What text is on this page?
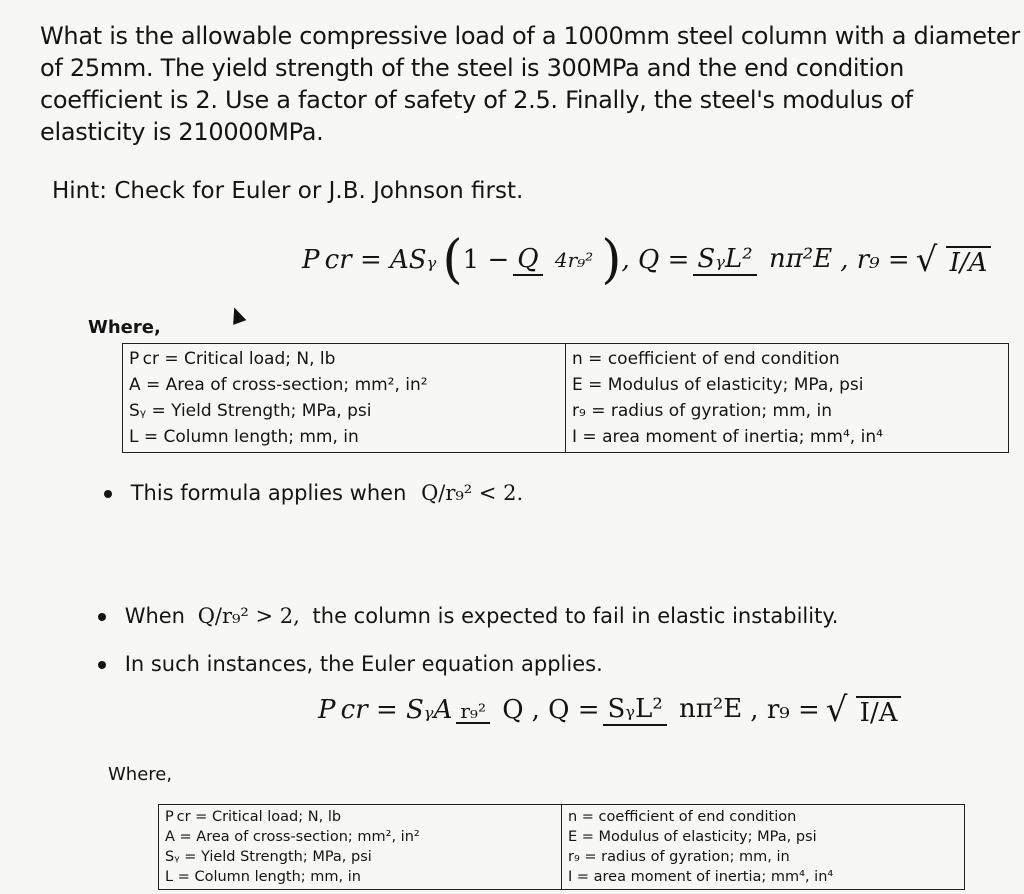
What is the allowable compressive load of a 1000mm steel column with a diameter of 25mm. The yield strength of the steel is 300MPa and the end condition coefficient is 2. Use a factor of safety of 2.5. Finally, the steel's modulus of elasticity is 210000MPa.

Hint: Check for Euler or J.B. Johnson first.
P cr = ASᵧ ( 1 − Q 4r₉² ) , Q = SᵧL² nπ²E , r₉ = √ I/A
Where,
P cr = Critical load; N, lb
A = Area of cross-section; mm², in²
Sᵧ = Yield Strength; MPa, psi
L = Column length; mm, in

n = coefficient of end condition
E = Modulus of elasticity; MPa, psi
r₉ = radius of gyration; mm, in
I = area moment of inertia; mm⁴, in⁴
This formula applies when Q/r₉² < 2.
When Q/r₉² > 2, the column is expected to fail in elastic instability.
In such instances, the Euler equation applies.
P cr = SᵧA r₉² Q , Q = SᵧL² nπ²E , r₉ = √ I/A
Where,
P cr = Critical load; N, lb
A = Area of cross-section; mm², in²
Sᵧ = Yield Strength; MPa, psi
L = Column length; mm, in

n = coefficient of end condition
E = Modulus of elasticity; MPa, psi
r₉ = radius of gyration; mm, in
I = area moment of inertia; mm⁴, in⁴
